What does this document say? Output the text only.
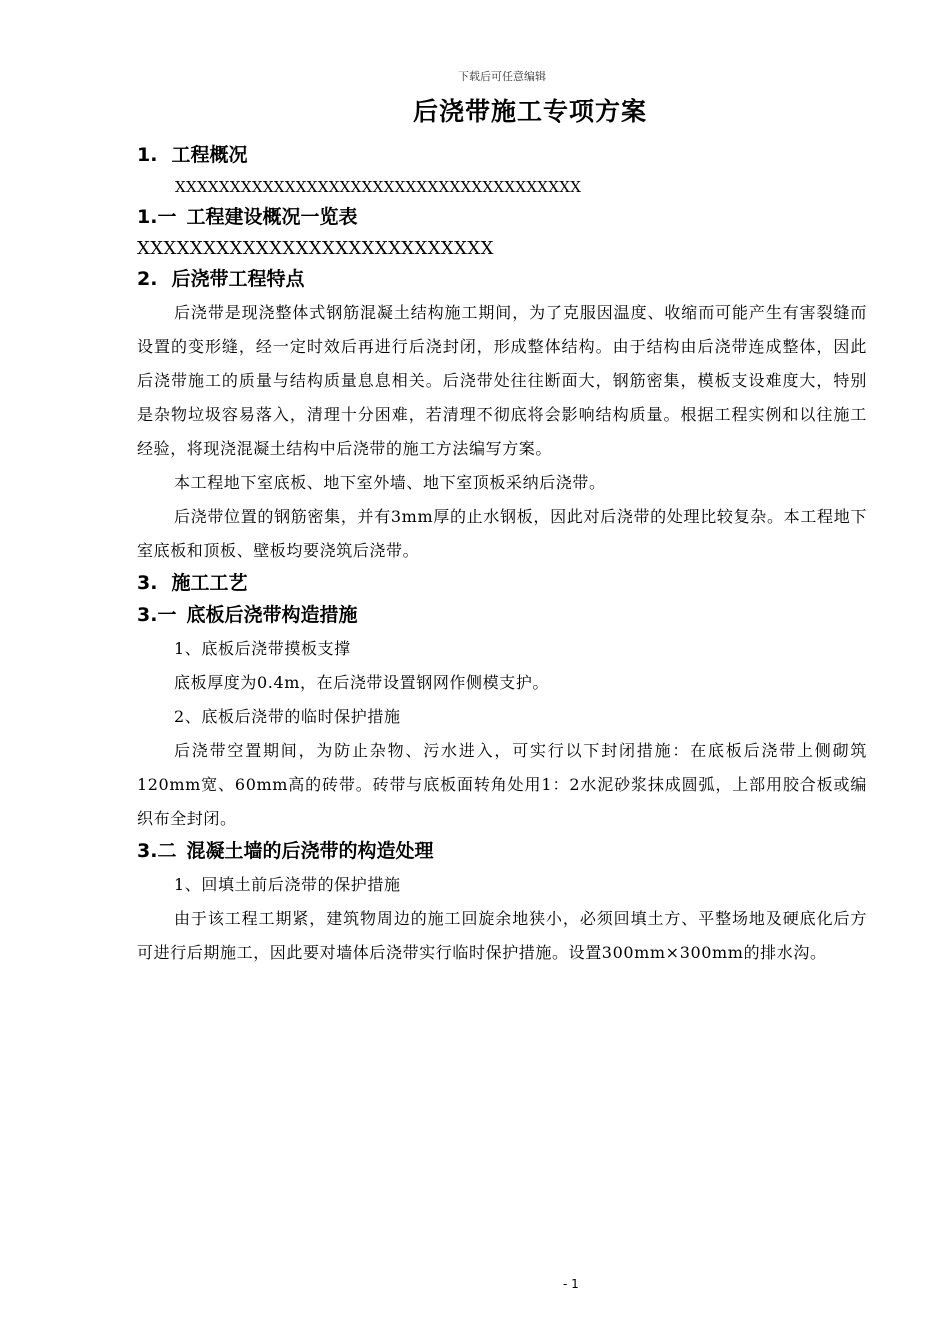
下载后可任意编辑
后浇带施工专项方案
1. 工程概况

XXXXXXXXXXXXXXXXXXXXXXXXXXXXXXXXXXXXX

1.一 工程建设概况一览表

XXXXXXXXXXXXXXXXXXXXXXXXXXX

2. 后浇带工程特点

后浇带是现浇整体式钢筋混凝土结构施工期间，为了克服因温度、收缩而可能产生有害裂缝而设置的变形缝，经一定时效后再进行后浇封闭，形成整体结构。由于结构由后浇带连成整体，因此后浇带施工的质量与结构质量息息相关。后浇带处往往断面大，钢筋密集，模板支设难度大，特别是杂物垃圾容易落入，清理十分困难，若清理不彻底将会影响结构质量。根据工程实例和以往施工经验，将现浇混凝土结构中后浇带的施工方法编写方案。

本工程地下室底板、地下室外墙、地下室顶板采纳后浇带。

后浇带位置的钢筋密集，并有3mm厚的止水钢板，因此对后浇带的处理比较复杂。本工程地下室底板和顶板、壁板均要浇筑后浇带。

3. 施工工艺
3.一 底板后浇带构造措施

1、底板后浇带摸板支撑

底板厚度为0.4m，在后浇带设置钢网作侧模支护。

2、底板后浇带的临时保护措施

后浇带空置期间，为防止杂物、污水进入，可实行以下封闭措施：在底板后浇带上侧砌筑120mm宽、60mm高的砖带。砖带与底板面转角处用1：2水泥砂浆抹成圆弧，上部用胶合板或编织布全封闭。

3.二 混凝土墙的后浇带的构造处理

1、回填土前后浇带的保护措施

由于该工程工期紧，建筑物周边的施工回旋余地狭小，必须回填土方、平整场地及硬底化后方可进行后期施工，因此要对墙体后浇带实行临时保护措施。设置300mm×300mm的排水沟。

- 1
